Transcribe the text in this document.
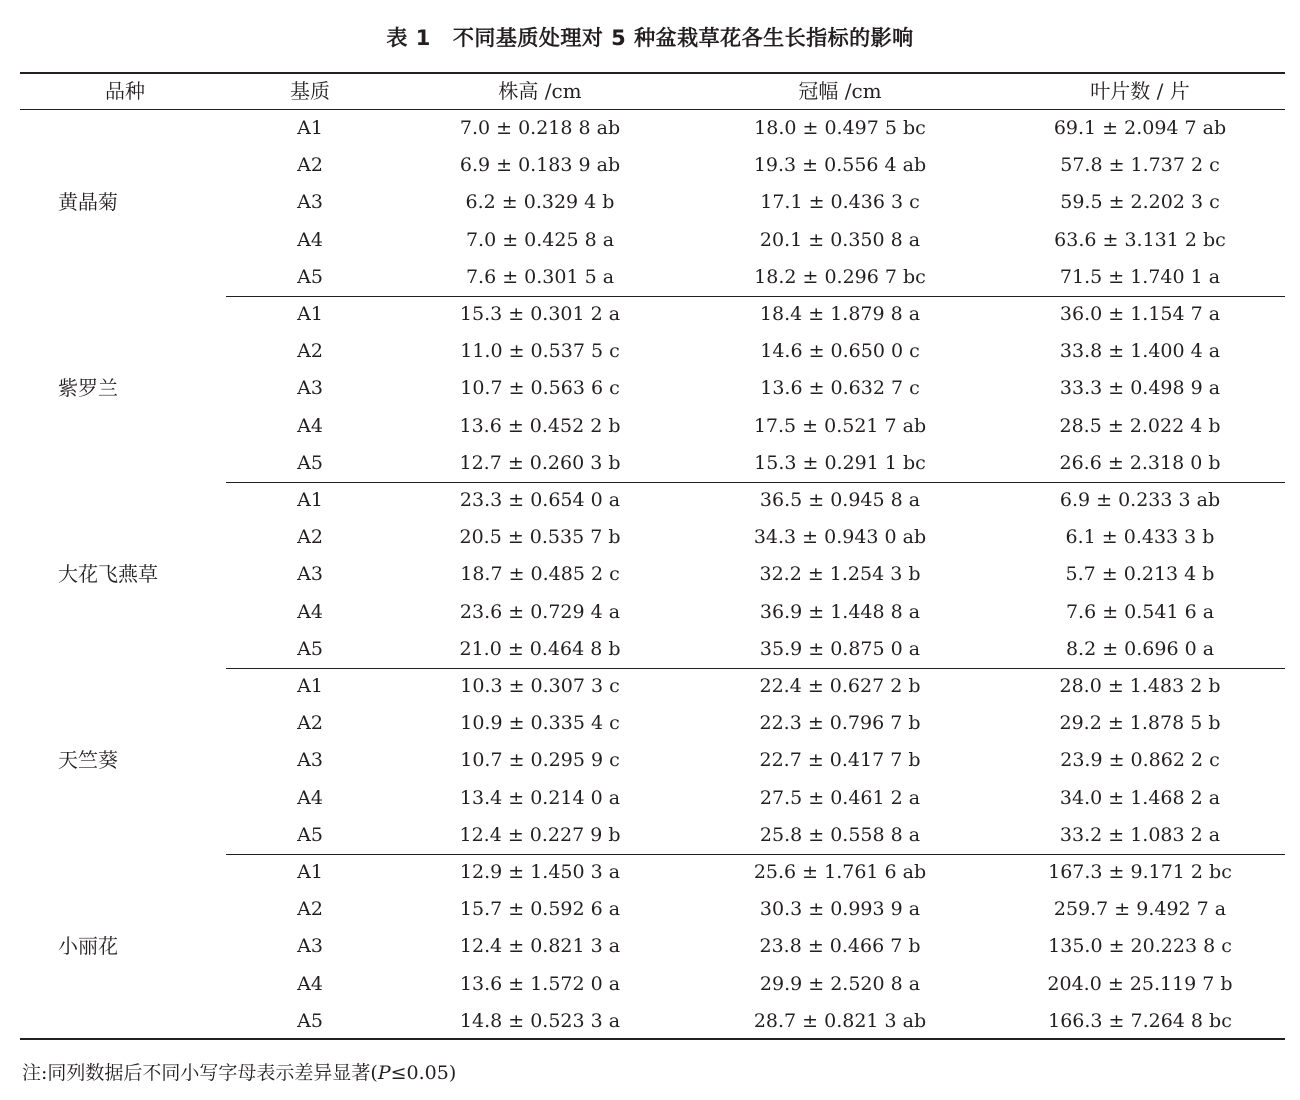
表 1 不同基质处理对 5 种盆栽草花各生长指标的影响
品种	基质	株高 /cm	冠幅 /cm	叶片数 / 片
黄晶菊
A1	7.0 ± 0.218 8 ab	18.0 ± 0.497 5 bc	69.1 ± 2.094 7 ab
A2	6.9 ± 0.183 9 ab	19.3 ± 0.556 4 ab	57.8 ± 1.737 2 c
A3	6.2 ± 0.329 4 b	17.1 ± 0.436 3 c	59.5 ± 2.202 3 c
A4	7.0 ± 0.425 8 a	20.1 ± 0.350 8 a	63.6 ± 3.131 2 bc
A5	7.6 ± 0.301 5 a	18.2 ± 0.296 7 bc	71.5 ± 1.740 1 a
紫罗兰
A1	15.3 ± 0.301 2 a	18.4 ± 1.879 8 a	36.0 ± 1.154 7 a
A2	11.0 ± 0.537 5 c	14.6 ± 0.650 0 c	33.8 ± 1.400 4 a
A3	10.7 ± 0.563 6 c	13.6 ± 0.632 7 c	33.3 ± 0.498 9 a
A4	13.6 ± 0.452 2 b	17.5 ± 0.521 7 ab	28.5 ± 2.022 4 b
A5	12.7 ± 0.260 3 b	15.3 ± 0.291 1 bc	26.6 ± 2.318 0 b
大花飞燕草
A1	23.3 ± 0.654 0 a	36.5 ± 0.945 8 a	6.9 ± 0.233 3 ab
A2	20.5 ± 0.535 7 b	34.3 ± 0.943 0 ab	6.1 ± 0.433 3 b
A3	18.7 ± 0.485 2 c	32.2 ± 1.254 3 b	5.7 ± 0.213 4 b
A4	23.6 ± 0.729 4 a	36.9 ± 1.448 8 a	7.6 ± 0.541 6 a
A5	21.0 ± 0.464 8 b	35.9 ± 0.875 0 a	8.2 ± 0.696 0 a
天竺葵
A1	10.3 ± 0.307 3 c	22.4 ± 0.627 2 b	28.0 ± 1.483 2 b
A2	10.9 ± 0.335 4 c	22.3 ± 0.796 7 b	29.2 ± 1.878 5 b
A3	10.7 ± 0.295 9 c	22.7 ± 0.417 7 b	23.9 ± 0.862 2 c
A4	13.4 ± 0.214 0 a	27.5 ± 0.461 2 a	34.0 ± 1.468 2 a
A5	12.4 ± 0.227 9 b	25.8 ± 0.558 8 a	33.2 ± 1.083 2 a
小丽花
A1	12.9 ± 1.450 3 a	25.6 ± 1.761 6 ab	167.3 ± 9.171 2 bc
A2	15.7 ± 0.592 6 a	30.3 ± 0.993 9 a	259.7 ± 9.492 7 a
A3	12.4 ± 0.821 3 a	23.8 ± 0.466 7 b	135.0 ± 20.223 8 c
A4	13.6 ± 1.572 0 a	29.9 ± 2.520 8 a	204.0 ± 25.119 7 b
A5	14.8 ± 0.523 3 a	28.7 ± 0.821 3 ab	166.3 ± 7.264 8 bc
注:同列数据后不同小写字母表示差异显著(P≤0.05)
